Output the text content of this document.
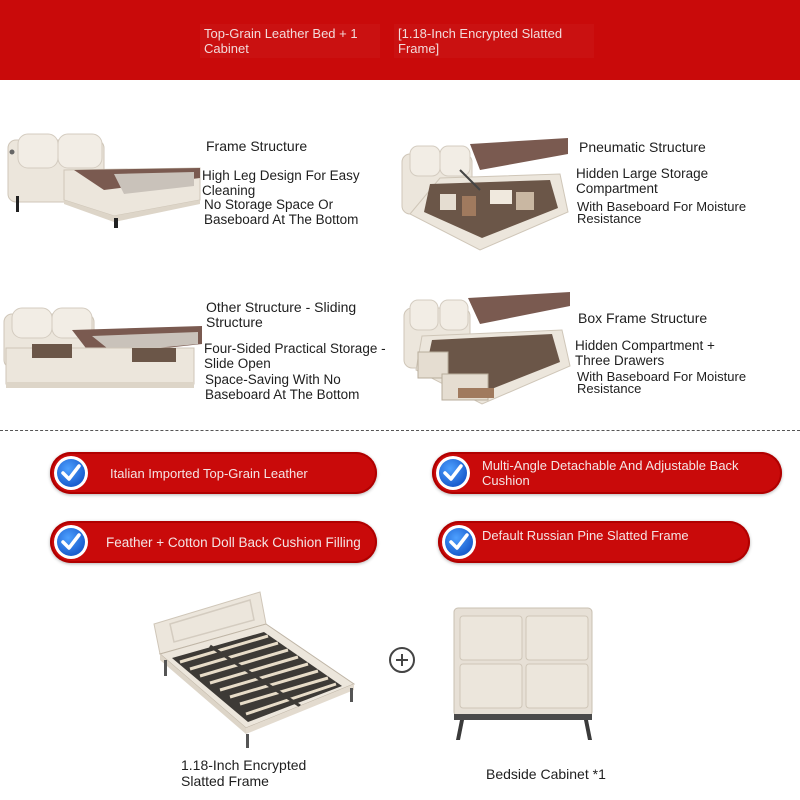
Top-Grain Leather Bed + 1 Cabinet
[1.18-Inch Encrypted Slatted Frame]
Frame Structure
High Leg Design For Easy Cleaning
No Storage Space Or Baseboard At The Bottom
Pneumatic Structure
Hidden Large Storage Compartment
With Baseboard For Moisture Resistance
Other Structure - Sliding Structure
Four-Sided Practical Storage - Slide Open
Space-Saving With No Baseboard At The Bottom
Box Frame Structure
Hidden Compartment + Three Drawers
With Baseboard For Moisture Resistance
Italian Imported Top-Grain Leather
Multi-Angle Detachable And Adjustable Back Cushion
Feather + Cotton Doll Back Cushion Filling	Default Russian Pine Slatted Frame
1.18-Inch Encrypted Slatted Frame	Bedside Cabinet *1
